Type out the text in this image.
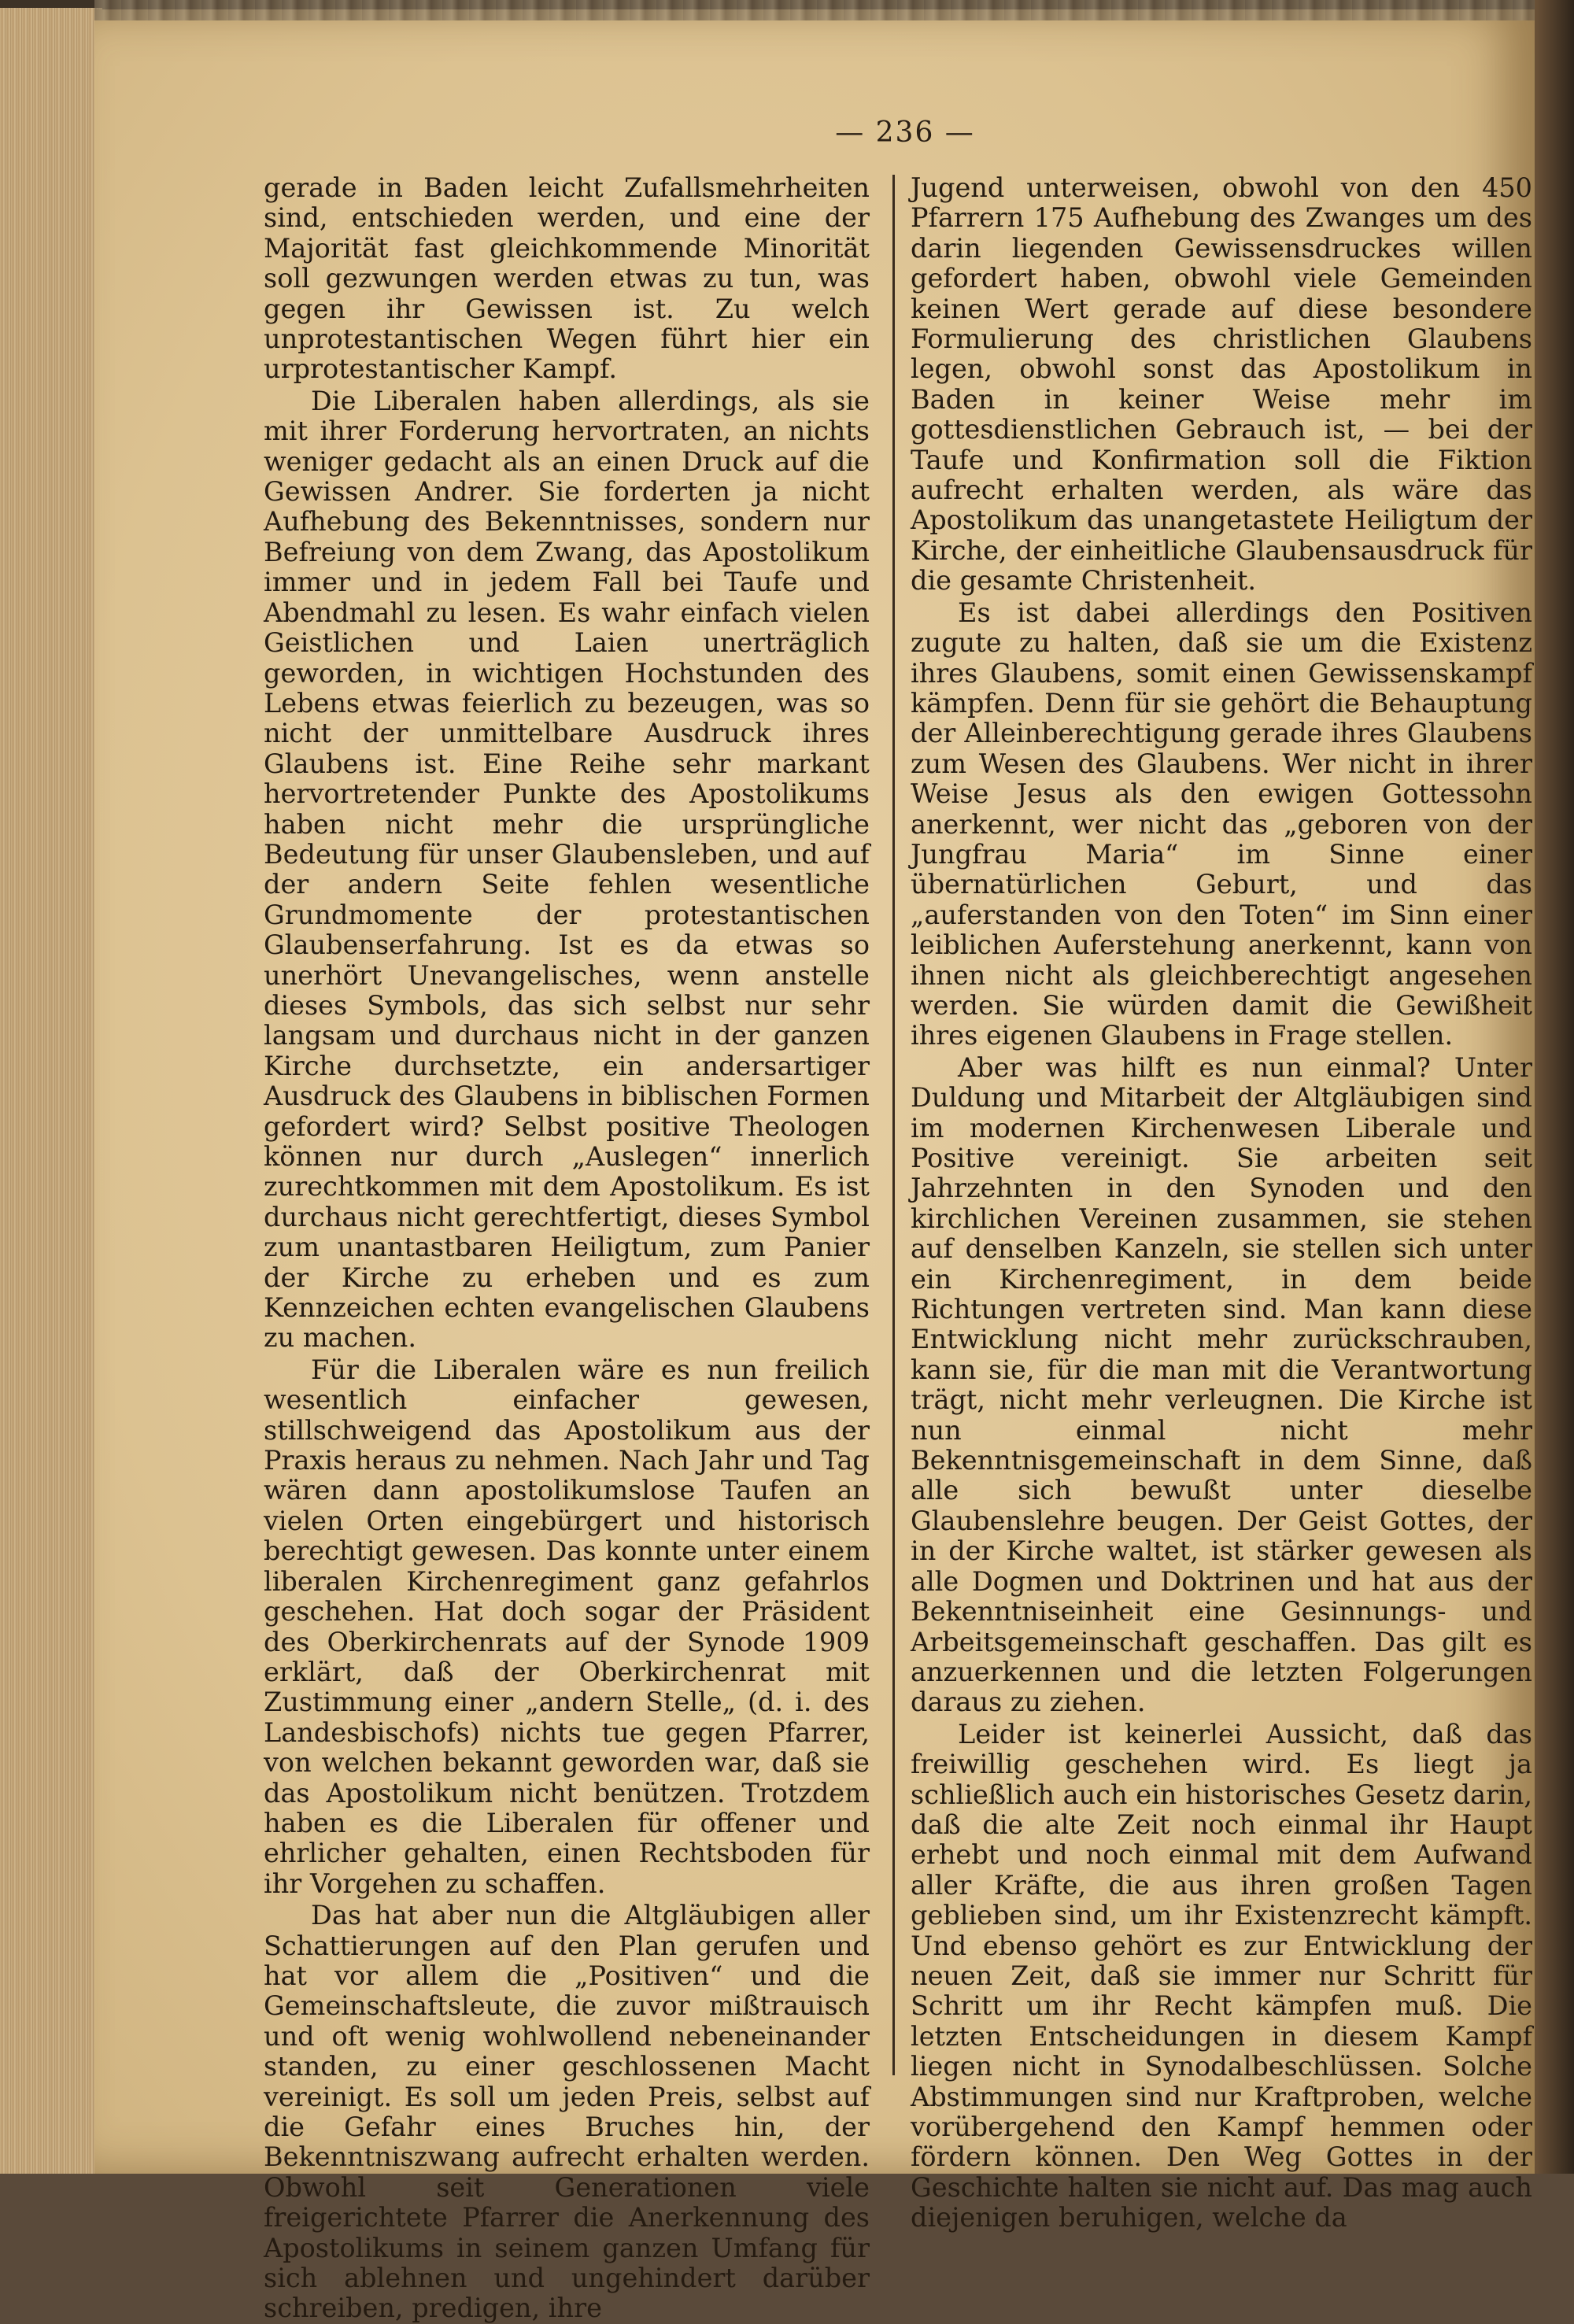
— 236 —

gerade in Baden leicht Zufallsmehrheiten sind, entschieden werden, und eine der Majorität fast gleichkommende Minorität soll gezwungen werden etwas zu tun, was gegen ihr Gewissen ist. Zu welch unprotestantischen Wegen führt hier ein urprotestantischer Kampf.

Die Liberalen haben allerdings, als sie mit ihrer Forderung hervortraten, an nichts weniger gedacht als an einen Druck auf die Gewissen Andrer. Sie forderten ja nicht Aufhebung des Bekenntnisses, sondern nur Befreiung von dem Zwang, das Apostolikum immer und in jedem Fall bei Taufe und Abendmahl zu lesen. Es wahr einfach vielen Geistlichen und Laien unerträglich geworden, in wichtigen Hochstunden des Lebens etwas feierlich zu bezeugen, was so nicht der unmittelbare Ausdruck ihres Glaubens ist. Eine Reihe sehr markant hervortretender Punkte des Apostolikums haben nicht mehr die ursprüngliche Bedeutung für unser Glaubensleben, und auf der andern Seite fehlen wesentliche Grundmomente der protestantischen Glaubenserfahrung. Ist es da etwas so unerhört Unevangelisches, wenn anstelle dieses Symbols, das sich selbst nur sehr langsam und durchaus nicht in der ganzen Kirche durchsetzte, ein andersartiger Ausdruck des Glaubens in biblischen Formen gefordert wird? Selbst positive Theologen können nur durch „Auslegen“ innerlich zurechtkommen mit dem Apostolikum. Es ist durchaus nicht gerechtfertigt, dieses Symbol zum unantastbaren Heiligtum, zum Panier der Kirche zu erheben und es zum Kennzeichen echten evangelischen Glaubens zu machen.

Für die Liberalen wäre es nun freilich wesentlich einfacher gewesen, stillschweigend das Apostolikum aus der Praxis heraus zu nehmen. Nach Jahr und Tag wären dann apostolikumslose Taufen an vielen Orten eingebürgert und historisch berechtigt gewesen. Das konnte unter einem liberalen Kirchenregiment ganz gefahrlos geschehen. Hat doch sogar der Präsident des Oberkirchenrats auf der Synode 1909 erklärt, daß der Oberkirchenrat mit Zustimmung einer „andern Stelle„ (d. i. des Landesbischofs) nichts tue gegen Pfarrer, von welchen bekannt geworden war, daß sie das Apostolikum nicht benützen. Trotzdem haben es die Liberalen für offener und ehrlicher gehalten, einen Rechtsboden für ihr Vorgehen zu schaffen.

Das hat aber nun die Altgläubigen aller Schattierungen auf den Plan gerufen und hat vor allem die „Positiven“ und die Gemeinschaftsleute, die zuvor mißtrauisch und oft wenig wohlwollend nebeneinander standen, zu einer geschlossenen Macht vereinigt. Es soll um jeden Preis, selbst auf die Gefahr eines Bruches hin, der Bekenntniszwang aufrecht erhalten werden. Obwohl seit Generationen viele freigerichtete Pfarrer die Anerkennung des Apostolikums in seinem ganzen Umfang für sich ablehnen und ungehindert darüber schreiben, predigen, ihre

Jugend unterweisen, obwohl von den 450 Pfarrern 175 Aufhebung des Zwanges um des darin liegenden Gewissensdruckes willen gefordert haben, obwohl viele Gemeinden keinen Wert gerade auf diese besondere Formulierung des christlichen Glaubens legen, obwohl sonst das Apostolikum in Baden in keiner Weise mehr im gottesdienstlichen Gebrauch ist, — bei der Taufe und Konfirmation soll die Fiktion aufrecht erhalten werden, als wäre das Apostolikum das unangetastete Heiligtum der Kirche, der einheitliche Glaubensausdruck für die gesamte Christenheit.

Es ist dabei allerdings den Positiven zugute zu halten, daß sie um die Existenz ihres Glaubens, somit einen Gewissenskampf kämpfen. Denn für sie gehört die Behauptung der Alleinberechtigung gerade ihres Glaubens zum Wesen des Glaubens. Wer nicht in ihrer Weise Jesus als den ewigen Gottessohn anerkennt, wer nicht das „geboren von der Jungfrau Maria“ im Sinne einer übernatürlichen Geburt, und das „auferstanden von den Toten“ im Sinn einer leiblichen Auferstehung anerkennt, kann von ihnen nicht als gleichberechtigt angesehen werden. Sie würden damit die Gewißheit ihres eigenen Glaubens in Frage stellen.

Aber was hilft es nun einmal? Unter Duldung und Mitarbeit der Altgläubigen sind im modernen Kirchenwesen Liberale und Positive vereinigt. Sie arbeiten seit Jahrzehnten in den Synoden und den kirchlichen Vereinen zusammen, sie stehen auf denselben Kanzeln, sie stellen sich unter ein Kirchenregiment, in dem beide Richtungen vertreten sind. Man kann diese Entwicklung nicht mehr zurückschrauben, kann sie, für die man mit die Verantwortung trägt, nicht mehr verleugnen. Die Kirche ist nun einmal nicht mehr Bekenntnisgemeinschaft in dem Sinne, daß alle sich bewußt unter dieselbe Glaubenslehre beugen. Der Geist Gottes, der in der Kirche waltet, ist stärker gewesen als alle Dogmen und Doktrinen und hat aus der Bekenntniseinheit eine Gesinnungs- und Arbeitsgemeinschaft geschaffen. Das gilt es anzuerkennen und die letzten Folgerungen daraus zu ziehen.

Leider ist keinerlei Aussicht, daß das freiwillig geschehen wird. Es liegt ja schließlich auch ein historisches Gesetz darin, daß die alte Zeit noch einmal ihr Haupt erhebt und noch einmal mit dem Aufwand aller Kräfte, die aus ihren großen Tagen geblieben sind, um ihr Existenzrecht kämpft. Und ebenso gehört es zur Entwicklung der neuen Zeit, daß sie immer nur Schritt für Schritt um ihr Recht kämpfen muß. Die letzten Entscheidungen in diesem Kampf liegen nicht in Synodalbeschlüssen. Solche Abstimmungen sind nur Kraftproben, welche vorübergehend den Kampf hemmen oder fördern können. Den Weg Gottes in der Geschichte halten sie nicht auf. Das mag auch diejenigen beruhigen, welche da
